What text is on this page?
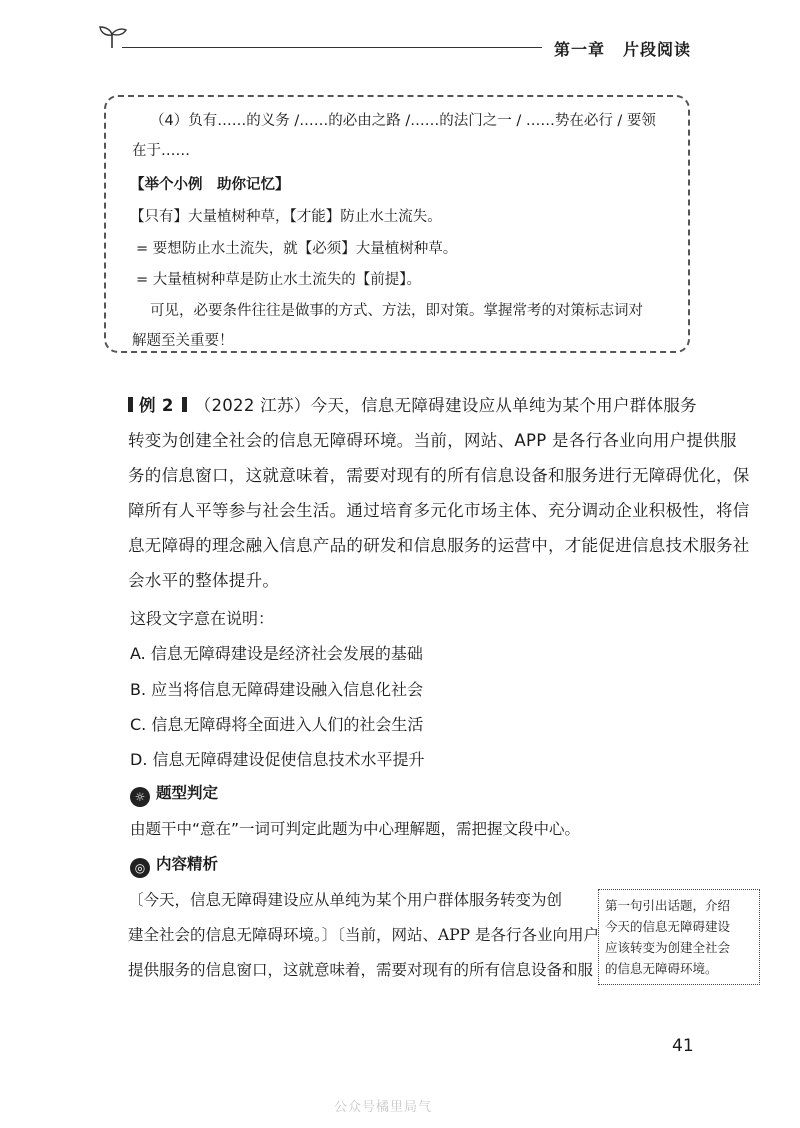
第一章 片段阅读
（4）负有……的义务 /……的必由之路 /……的法门之一 / ……势在必行 / 要领
在于……
【举个小例　助你记忆】
【只有】大量植树种草，【才能】防止水土流失。
= 要想防止水土流失，就【必须】大量植树种草。
= 大量植树种草是防止水土流失的【前提】。
可见，必要条件往往是做事的方式、方法，即对策。掌握常考的对策标志词对
解题至关重要！
例 2 （2022 江苏）今天，信息无障碍建设应从单纯为某个用户群体服务
转变为创建全社会的信息无障碍环境。当前，网站、APP 是各行各业向用户提供服
务的信息窗口，这就意味着，需要对现有的所有信息设备和服务进行无障碍优化，保
障所有人平等参与社会生活。通过培育多元化市场主体、充分调动企业积极性，将信
息无障碍的理念融入信息产品的研发和信息服务的运营中，才能促进信息技术服务社
会水平的整体提升。
这段文字意在说明：
A. 信息无障碍建设是经济社会发展的基础
B. 应当将信息无障碍建设融入信息化社会
C. 信息无障碍将全面进入人们的社会生活
D. 信息无障碍建设促使信息技术水平提升
☼ 题型判定
由题干中“意在”一词可判定此题为中心理解题，需把握文段中心。
◎ 内容精析
〔今天，信息无障碍建设应从单纯为某个用户群体服务转变为创
建全社会的信息无障碍环境。〕〔当前，网站、APP 是各行各业向用户
提供服务的信息窗口，这就意味着，需要对现有的所有信息设备和服
第一句引出话题，介绍
今天的信息无障碍建设
应该转变为创建全社会
的信息无障碍环境。
41
公众号橘里局气
